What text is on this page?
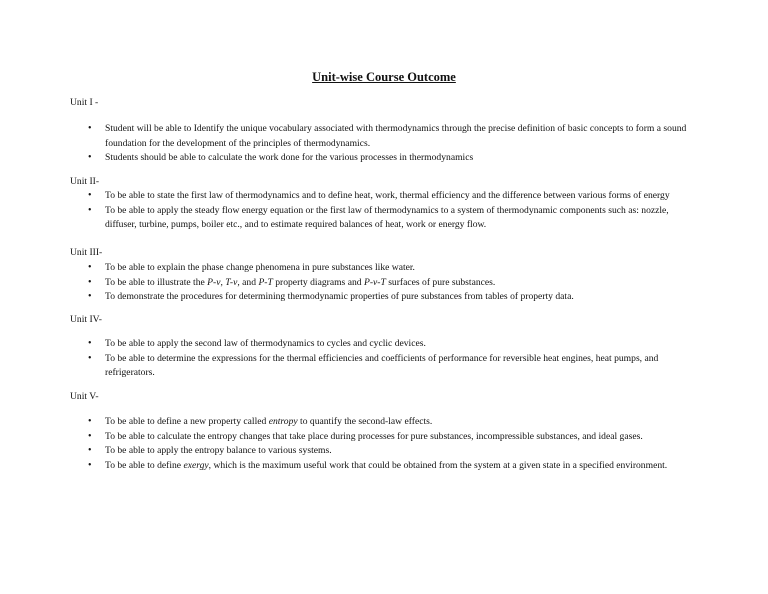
Unit-wise Course Outcome
Unit I -
• Student will be able to Identify the unique vocabulary associated with thermodynamics through the precise definition of basic concepts to form a sound foundation for the development of the principles of thermodynamics.
• Students should be able to calculate the work done for the various processes in thermodynamics
Unit II-
• To be able to state the first law of thermodynamics and to define heat, work, thermal efficiency and the difference between various forms of energy
• To be able to apply the steady flow energy equation or the first law of thermodynamics to a system of thermodynamic components such as: nozzle, diffuser, turbine, pumps, boiler etc., and to estimate required balances of heat, work or energy flow.
Unit III-
• To be able to explain the phase change phenomena in pure substances like water.
• To be able to illustrate the P-v, T-v, and P-T property diagrams and P-v-T surfaces of pure substances.
• To demonstrate the procedures for determining thermodynamic properties of pure substances from tables of property data.
Unit IV-
• To be able to apply the second law of thermodynamics to cycles and cyclic devices.
• To be able to determine the expressions for the thermal efficiencies and coefficients of performance for reversible heat engines, heat pumps, and refrigerators.
Unit V-
• To be able to define a new property called entropy to quantify the second-law effects.
• To be able to calculate the entropy changes that take place during processes for pure substances, incompressible substances, and ideal gases.
• To be able to apply the entropy balance to various systems.
• To be able to define exergy, which is the maximum useful work that could be obtained from the system at a given state in a specified environment.
